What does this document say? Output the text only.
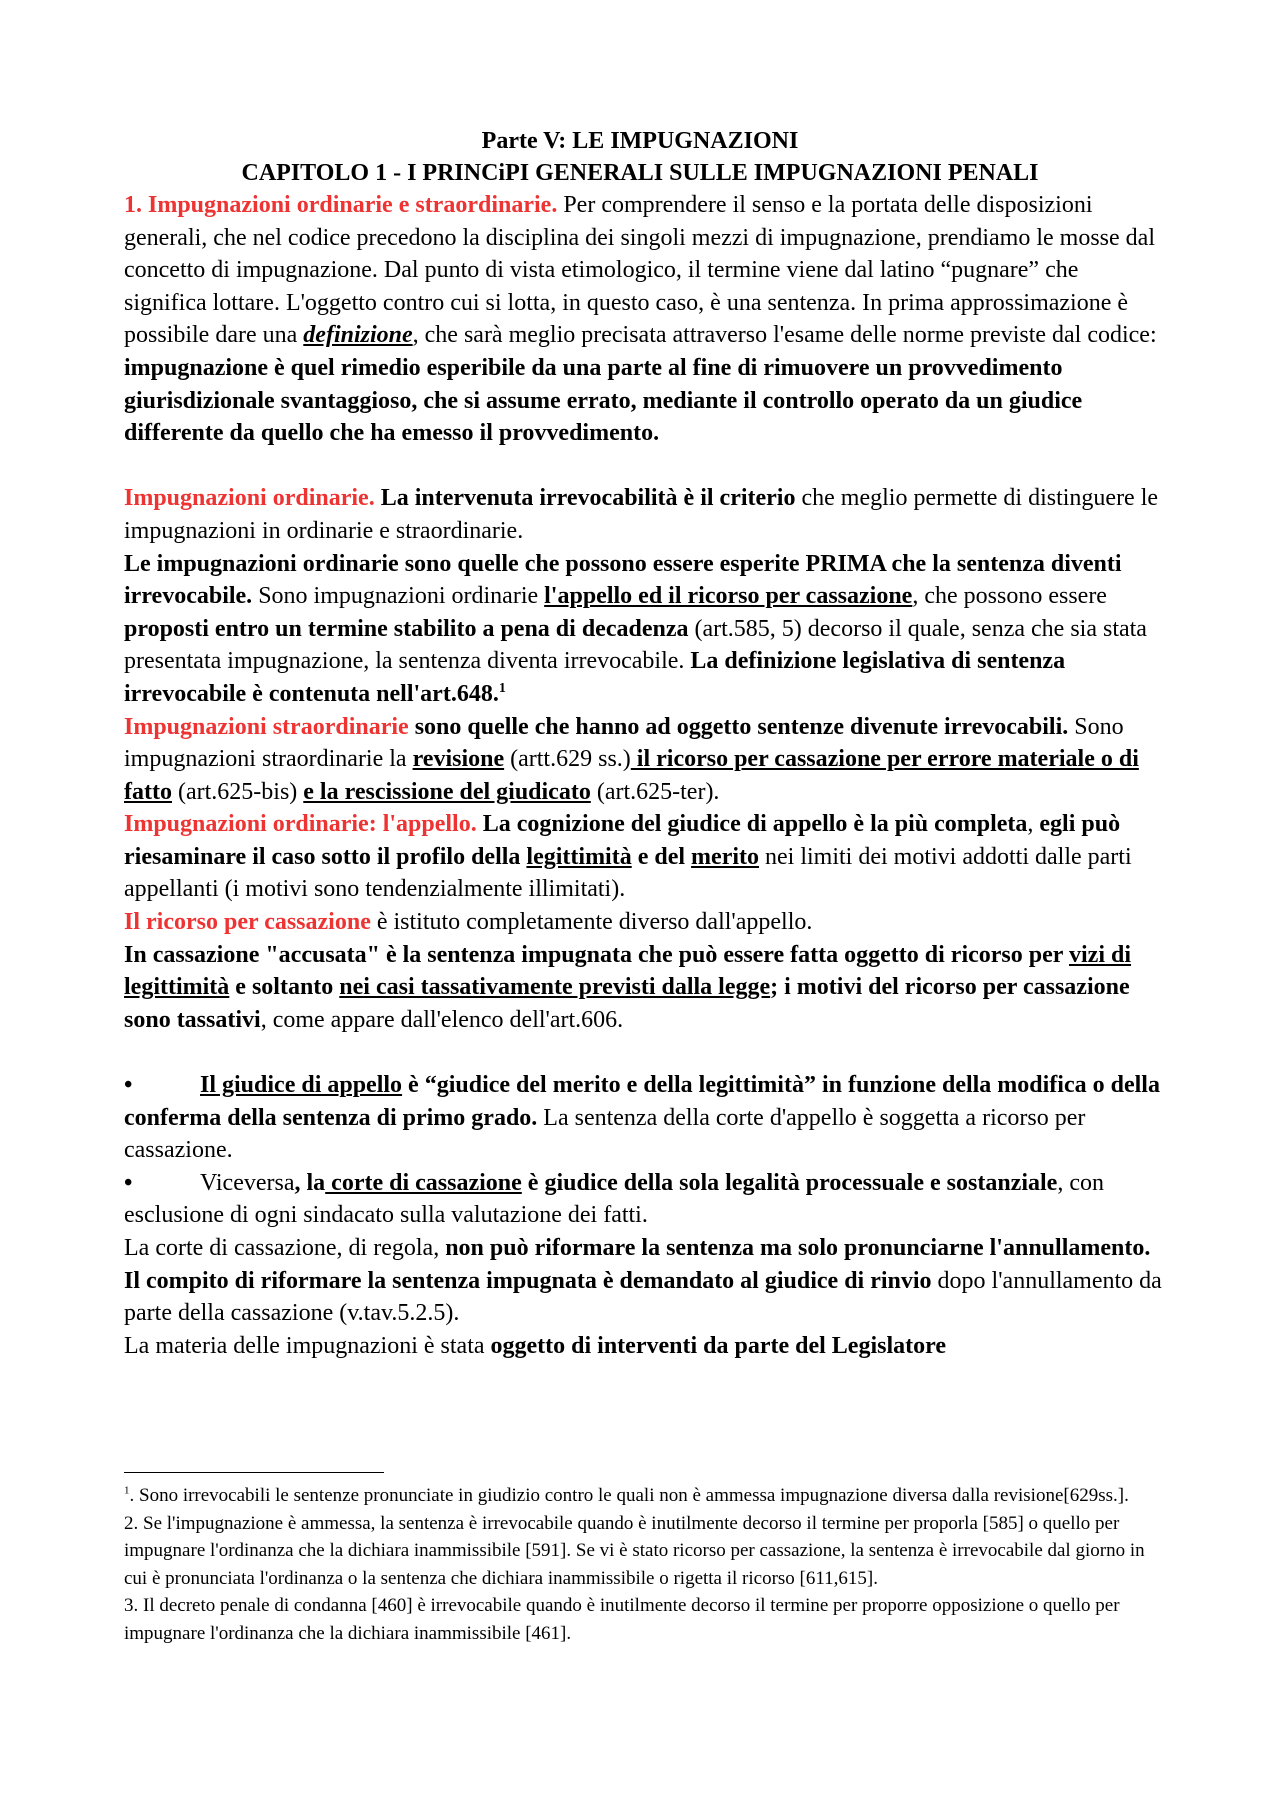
Parte V: LE IMPUGNAZIONI
CAPITOLO 1 - I PRINCiPI GENERALI SULLE IMPUGNAZIONI PENALI

1. Impugnazioni ordinarie e straordinarie. Per comprendere il senso e la portata delle disposizioni generali, che nel codice precedono la disciplina dei singoli mezzi di impugnazione, prendiamo le mosse dal concetto di impugnazione. Dal punto di vista etimologico, il termine viene dal latino “pugnare” che significa lottare. L'oggetto contro cui si lotta, in questo caso, è una sentenza. In prima approssimazione è possibile dare una definizione, che sarà meglio precisata attraverso l'esame delle norme previste dal codice: impugnazione è quel rimedio esperibile da una parte al fine di rimuovere un provvedimento giurisdizionale svantaggioso, che si assume errato, mediante il controllo operato da un giudice differente da quello che ha emesso il provvedimento.

Impugnazioni ordinarie. La intervenuta irrevocabilità è il criterio che meglio permette di distinguere le impugnazioni in ordinarie e straordinarie.

Le impugnazioni ordinarie sono quelle che possono essere esperite PRIMA che la sentenza diventi irrevocabile. Sono impugnazioni ordinarie l'appello ed il ricorso per cassazione, che possono essere proposti entro un termine stabilito a pena di decadenza (art.585, 5) decorso il quale, senza che sia stata presentata impugnazione, la sentenza diventa irrevocabile. La definizione legislativa di sentenza irrevocabile è contenuta nell'art.648.$^1$

Impugnazioni straordinarie sono quelle che hanno ad oggetto sentenze divenute irrevocabili. Sono impugnazioni straordinarie la revisione (artt.629 ss.) il ricorso per cassazione per errore materiale o di fatto (art.625-bis) e la rescissione del giudicato (art.625-ter).

Impugnazioni ordinarie: l'appello. La cognizione del giudice di appello è la più completa, egli può riesaminare il caso sotto il profilo della legittimità e del merito nei limiti dei motivi addotti dalle parti appellanti (i motivi sono tendenzialmente illimitati).

Il ricorso per cassazione è istituto completamente diverso dall'appello.

In cassazione "accusata" è la sentenza impugnata che può essere fatta oggetto di ricorso per vizi di legittimità e soltanto nei casi tassativamente previsti dalla legge; i motivi del ricorso per cassazione sono tassativi, come appare dall'elenco dell'art.606.

•	Il giudice di appello è “giudice del merito e della legittimità” in funzione della modifica o della conferma della sentenza di primo grado. La sentenza della corte d'appello è soggetta a ricorso per cassazione.

•	Viceversa, la corte di cassazione è giudice della sola legalità processuale e sostanziale, con esclusione di ogni sindacato sulla valutazione dei fatti.

La corte di cassazione, di regola, non può riformare la sentenza ma solo pronunciarne l'annullamento. Il compito di riformare la sentenza impugnata è demandato al giudice di rinvio dopo l'annullamento da parte della cassazione (v.tav.5.2.5).

La materia delle impugnazioni è stata oggetto di interventi da parte del Legislatore

$^1$. Sono irrevocabili le sentenze pronunciate in giudizio contro le quali non è ammessa impugnazione diversa dalla revisione[629ss.].

2. Se l'impugnazione è ammessa, la sentenza è irrevocabile quando è inutilmente decorso il termine per proporla [585] o quello per impugnare l'ordinanza che la dichiara inammissibile [591]. Se vi è stato ricorso per cassazione, la sentenza è irrevocabile dal giorno in cui è pronunciata l'ordinanza o la sentenza che dichiara inammissibile o rigetta il ricorso [611,615].

3. Il decreto penale di condanna [460] è irrevocabile quando è inutilmente decorso il termine per proporre opposizione o quello per impugnare l'ordinanza che la dichiara inammissibile [461].
